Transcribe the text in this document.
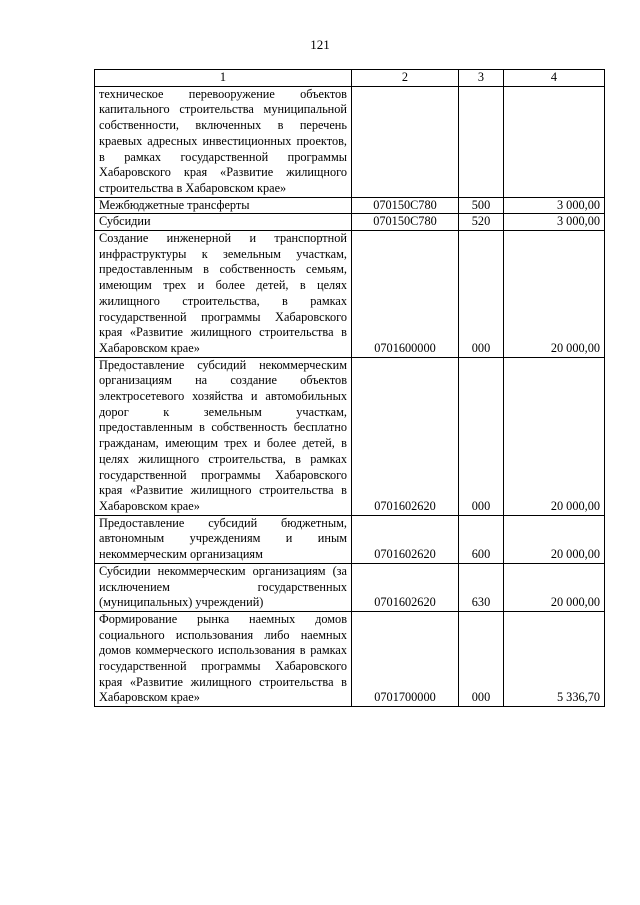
121
1	2	3	4
техническое перевооружение объектов капитального строительства муниципальной собственности, включенных в перечень краевых адресных инвестиционных проектов, в рамках государственной программы Хабаровского края «Развитие жилищного строительства в Хабаровском крае»			
Межбюджетные трансферты	070150С780	500	3 000,00
Субсидии	070150С780	520	3 000,00
Создание инженерной и транспортной инфраструктуры к земельным участкам, предоставленным в собственность семьям, имеющим трех и более детей, в целях жилищного строительства, в рамках государственной программы Хабаровского края «Развитие жилищного строительства в Хабаровском крае»	0701600000	000	20 000,00
Предоставление субсидий некоммерческим организациям на создание объектов электросетевого хозяйства и автомобильных дорог к земельным участкам, предоставленным в собственность бесплатно гражданам, имеющим трех и более детей, в целях жилищного строительства, в рамках государственной программы Хабаровского края «Развитие жилищного строительства в Хабаровском крае»	0701602620	000	20 000,00
Предоставление субсидий бюджетным, автономным учреждениям и иным некоммерческим организациям	0701602620	600	20 000,00
Субсидии некоммерческим организациям (за исключением государственных (муниципальных) учреждений)	0701602620	630	20 000,00
Формирование рынка наемных домов социального использования либо наемных домов коммерческого использования в рамках государственной программы Хабаровского края «Развитие жилищного строительства в Хабаровском крае»	0701700000	000	5 336,70
